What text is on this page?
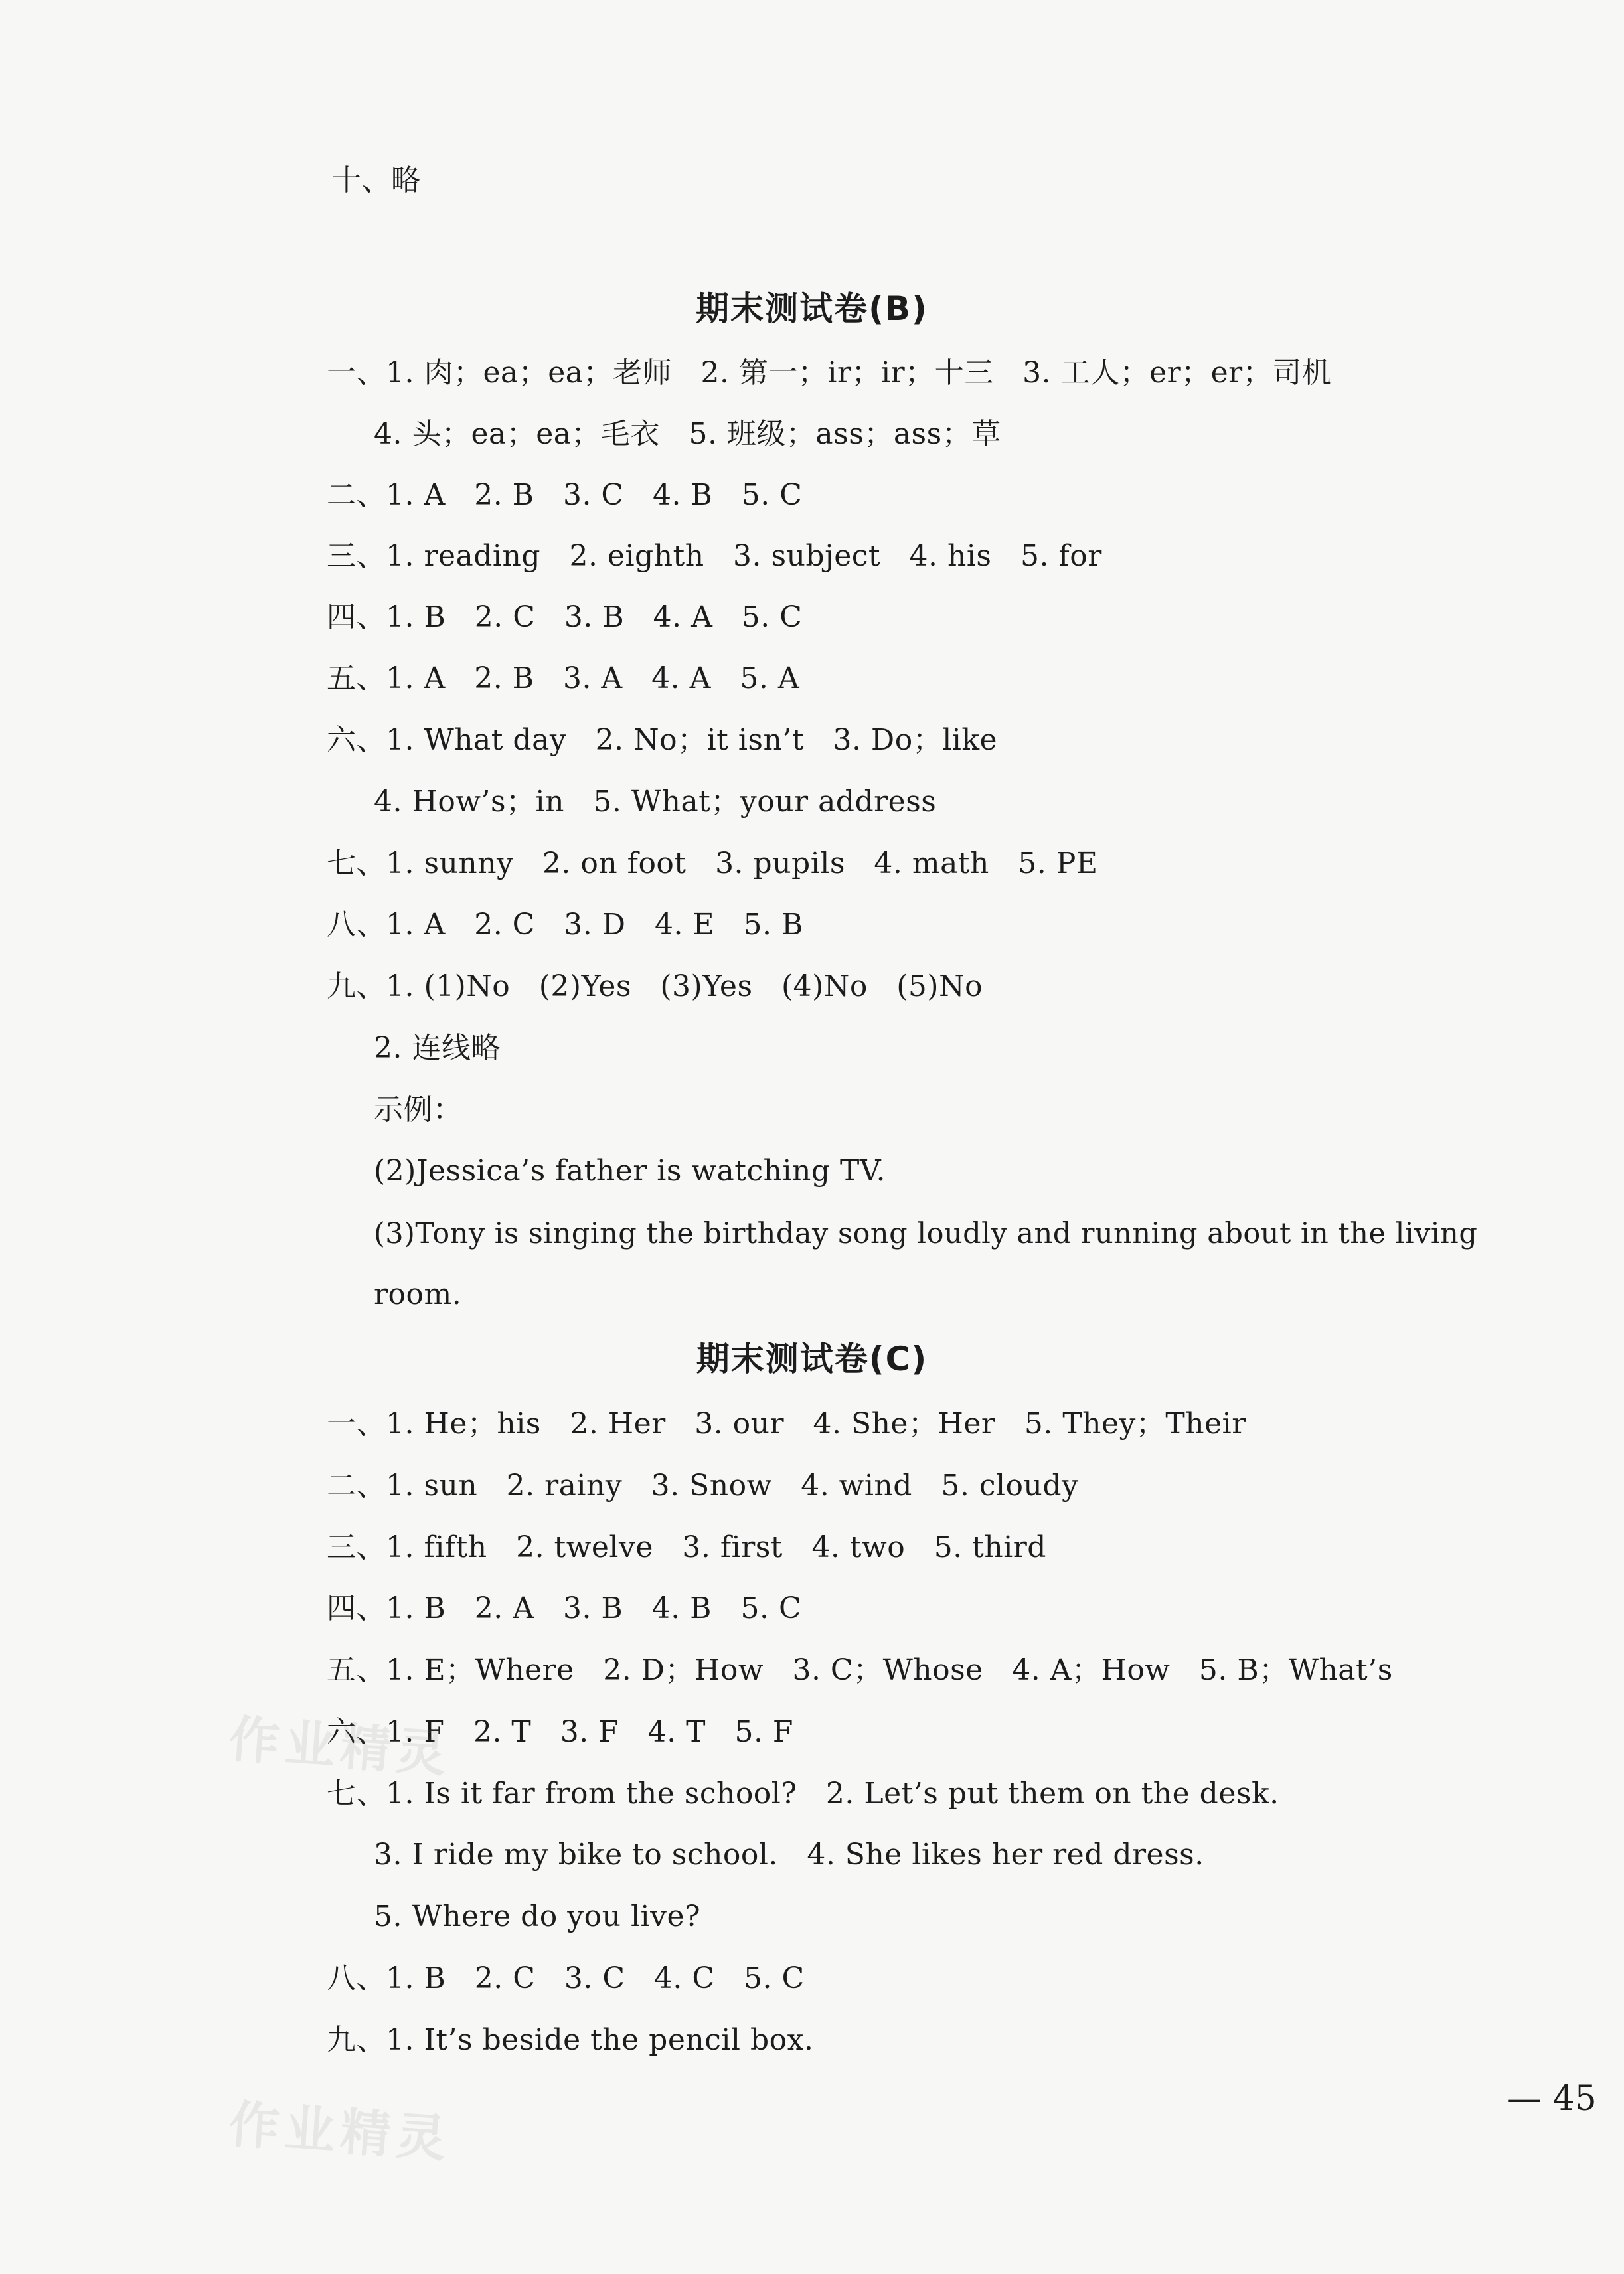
十、略
期末测试卷(B)
一、1. 肉；ea；ea；老师   2. 第一；ir；ir；十三   3. 工人；er；er；司机
4. 头；ea；ea；毛衣   5. 班级；ass；ass；草
二、1. A   2. B   3. C   4. B   5. C
三、1. reading   2. eighth   3. subject   4. his   5. for
四、1. B   2. C   3. B   4. A   5. C
五、1. A   2. B   3. A   4. A   5. A
六、1. What day   2. No；it isn’t   3. Do；like
4. How’s；in   5. What；your address
七、1. sunny   2. on foot   3. pupils   4. math   5. PE
八、1. A   2. C   3. D   4. E   5. B
九、1. (1)No   (2)Yes   (3)Yes   (4)No   (5)No
2. 连线略
示例：
(2)Jessica’s father is watching TV.
(3)Tony is singing the birthday song loudly and running about in the living
room.
期末测试卷(C)
一、1. He；his   2. Her   3. our   4. She；Her   5. They；Their
二、1. sun   2. rainy   3. Snow   4. wind   5. cloudy
三、1. fifth   2. twelve   3. first   4. two   5. third
四、1. B   2. A   3. B   4. B   5. C
五、1. E；Where   2. D；How   3. C；Whose   4. A；How   5. B；What’s
六、1. F   2. T   3. F   4. T   5. F
七、1. Is it far from the school?   2. Let’s put them on the desk.
3. I ride my bike to school.   4. She likes her red dress.
5. Where do you live?
八、1. B   2. C   3. C   4. C   5. C
九、1. It’s beside the pencil box.
— 45
作业精灵
作业精灵
